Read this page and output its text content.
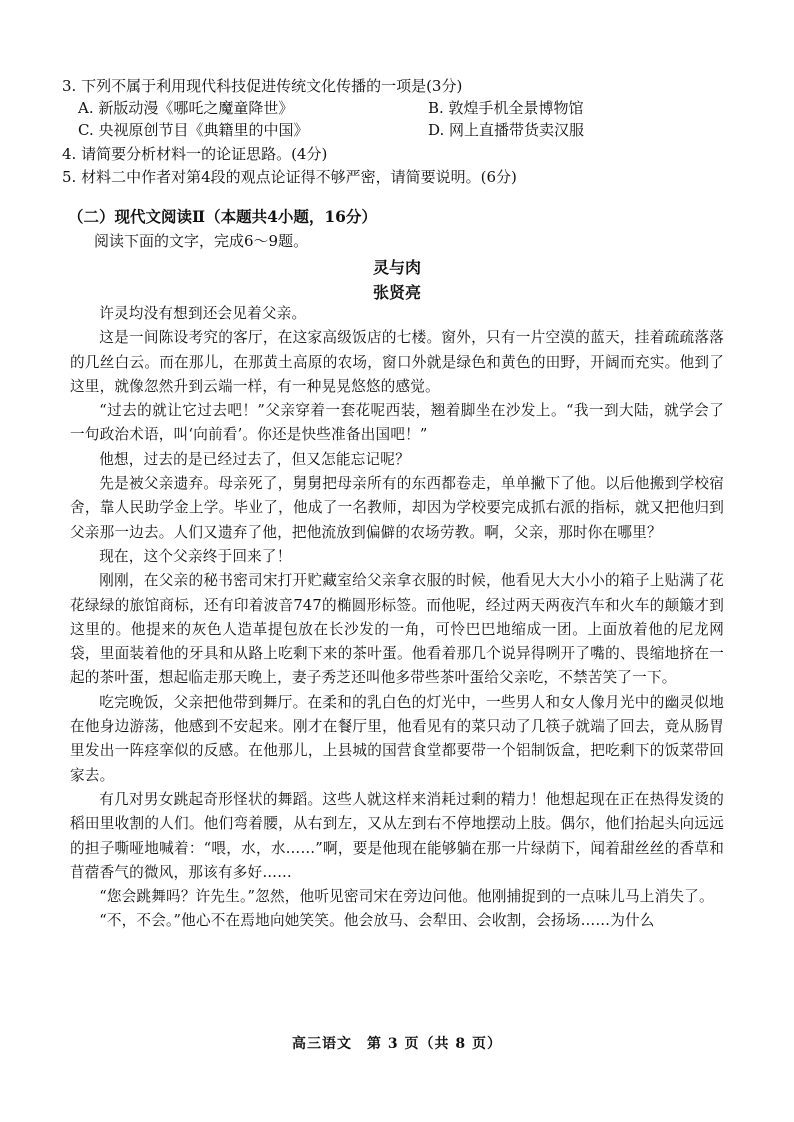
3. 下列不属于利用现代科技促进传统文化传播的一项是(3分)
A. 新版动漫《哪吒之魔童降世》	B. 敦煌手机全景博物馆
C. 央视原创节目《典籍里的中国》	D. 网上直播带货卖汉服
4. 请简要分析材料一的论证思路。(4分)
5. 材料二中作者对第4段的观点论证得不够严密，请简要说明。(6分)
（二）现代文阅读Ⅱ（本题共4小题，16分）
阅读下面的文字，完成6～9题。
灵与肉
张贤亮

许灵均没有想到还会见着父亲。

这是一间陈设考究的客厅，在这家高级饭店的七楼。窗外，只有一片空漠的蓝天，挂着疏疏落落的几丝白云。而在那儿，在那黄土高原的农场，窗口外就是绿色和黄色的田野，开阔而充实。他到了这里，就像忽然升到云端一样，有一种晃晃悠悠的感觉。

“过去的就让它过去吧！”父亲穿着一套花呢西装，翘着脚坐在沙发上。“我一到大陆，就学会了一句政治术语，叫‘向前看’。你还是快些准备出国吧！”

他想，过去的是已经过去了，但又怎能忘记呢？

先是被父亲遗弃。母亲死了，舅舅把母亲所有的东西都卷走，单单撇下了他。以后他搬到学校宿舍，靠人民助学金上学。毕业了，他成了一名教师，却因为学校要完成抓右派的指标，就又把他归到父亲那一边去。人们又遗弃了他，把他流放到偏僻的农场劳教。啊，父亲，那时你在哪里？

现在，这个父亲终于回来了！

刚刚，在父亲的秘书密司宋打开贮藏室给父亲拿衣服的时候，他看见大大小小的箱子上贴满了花花绿绿的旅馆商标，还有印着波音747的椭圆形标签。而他呢，经过两天两夜汽车和火车的颠簸才到这里的。他提来的灰色人造革提包放在长沙发的一角，可怜巴巴地缩成一团。上面放着他的尼龙网袋，里面装着他的牙具和从路上吃剩下来的茶叶蛋。他看着那几个说异得咧开了嘴的、畏缩地挤在一起的茶叶蛋，想起临走那天晚上，妻子秀芝还叫他多带些茶叶蛋给父亲吃，不禁苦笑了一下。

吃完晚饭，父亲把他带到舞厅。在柔和的乳白色的灯光中，一些男人和女人像月光中的幽灵似地在他身边游荡，他感到不安起来。刚才在餐厅里，他看见有的菜只动了几筷子就端了回去，竟从肠胃里发出一阵痉挛似的反感。在他那儿，上县城的国营食堂都要带一个铝制饭盒，把吃剩下的饭菜带回家去。

有几对男女跳起奇形怪状的舞蹈。这些人就这样来消耗过剩的精力！他想起现在正在热得发烫的稻田里收割的人们。他们弯着腰，从右到左，又从左到右不停地摆动上肢。偶尔，他们抬起头向远远的担子嘶哑地喊着：“喂，水，水……”啊，要是他现在能够躺在那一片绿荫下，闻着甜丝丝的香草和苜蓿香气的微风，那该有多好……

“您会跳舞吗？许先生。”忽然，他听见密司宋在旁边问他。他刚捕捉到的一点味儿马上消失了。

“不，不会。”他心不在焉地向她笑笑。他会放马、会犁田、会收割，会扬场……为什么

高三语文　第 3 页（共 8 页）
